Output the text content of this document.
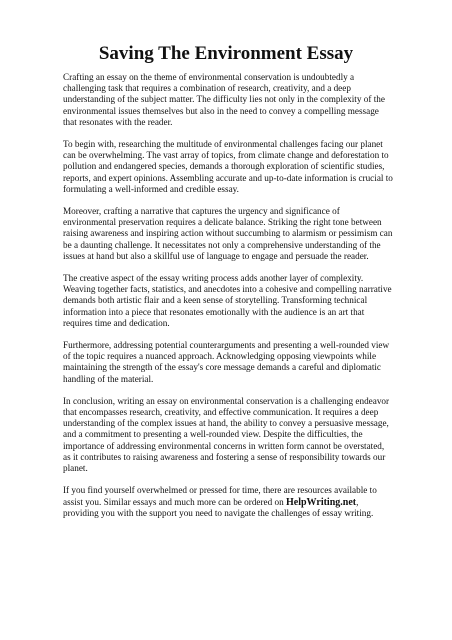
Saving The Environment Essay

Crafting an essay on the theme of environmental conservation is undoubtedly a challenging task that requires a combination of research, creativity, and a deep understanding of the subject matter. The difficulty lies not only in the complexity of the environmental issues themselves but also in the need to convey a compelling message that resonates with the reader.

To begin with, researching the multitude of environmental challenges facing our planet can be overwhelming. The vast array of topics, from climate change and deforestation to pollution and endangered species, demands a thorough exploration of scientific studies, reports, and expert opinions. Assembling accurate and up-to-date information is crucial to formulating a well-informed and credible essay.

Moreover, crafting a narrative that captures the urgency and significance of environmental preservation requires a delicate balance. Striking the right tone between raising awareness and inspiring action without succumbing to alarmism or pessimism can be a daunting challenge. It necessitates not only a comprehensive understanding of the issues at hand but also a skillful use of language to engage and persuade the reader.

The creative aspect of the essay writing process adds another layer of complexity. Weaving together facts, statistics, and anecdotes into a cohesive and compelling narrative demands both artistic flair and a keen sense of storytelling. Transforming technical information into a piece that resonates emotionally with the audience is an art that requires time and dedication.

Furthermore, addressing potential counterarguments and presenting a well-rounded view of the topic requires a nuanced approach. Acknowledging opposing viewpoints while maintaining the strength of the essay's core message demands a careful and diplomatic handling of the material.

In conclusion, writing an essay on environmental conservation is a challenging endeavor that encompasses research, creativity, and effective communication. It requires a deep understanding of the complex issues at hand, the ability to convey a persuasive message, and a commitment to presenting a well-rounded view. Despite the difficulties, the importance of addressing environmental concerns in written form cannot be overstated, as it contributes to raising awareness and fostering a sense of responsibility towards our planet.

If you find yourself overwhelmed or pressed for time, there are resources available to assist you. Similar essays and much more can be ordered on HelpWriting.net, providing you with the support you need to navigate the challenges of essay writing.
